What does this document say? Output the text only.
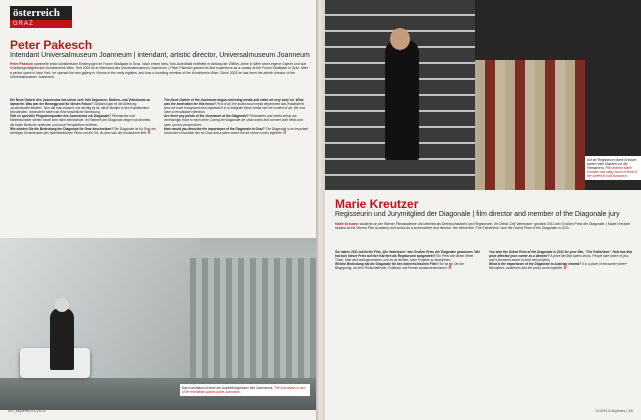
österreich
GRAZ
Peter Pakesch
Intendant Universalmuseum Joanneum | intendant, artistic director, Universalmuseum Joanneum
Peter Pakesch sammelte erste künstlerische Erfahrungen im Forum Stadtpark in Graz. Nach einem New-York-Aufenthalt eröffnete er Anfang der 1980er-Jahre in Wien seine eigene Galerie und war Gründungsmitglied des Kunstvereins Wien. Seit 2003 ist er Intendant des Universalmuseums Joanneum. | Peter Pakesch gained his first experience as a curator at the Forum Stadtpark in Graz. After a period spent in New York, he opened his own gallery in Vienna in the early eighties, and was a founding member of the Kunstverein Wien. Since 2003 he has been the artistic director of the Universalmuseum Joanneum.
Die Neue Galerie des Joanneums hat schon sehr früh begonnen, Medien- und Videokunst zu sammeln. Was war der Beweggrund für diesen Fokus? Zunächst gab es die Abteilung „Audiovisuelle Medien“. Nun hat man erkannt, wie wichtig es ist, diese Medien in den Kunstkontext einzubinden. Inzwischen haben wir eine beachtliche Sammlung.
Gibt es spezielle Programmpunkte des Joanneums zur Diagonale? Filmmacher und Medienkünstler stehen heute sehr nahe beieinander. Im Rahmen der Diagonale zeigen wir Arbeiten, die beide Bereiche verbinden und neue Perspektiven eröffnen.
Wie würden Sie die Bedeutung der Diagonale für Graz beschreiben? Die Diagonale ist für Graz ein wichtiges Schaufenster des österreichischen Films und ein Ort, an dem sich die Kunstszene trifft. //
The Neue Galerie of the Joanneum began collecting media and video art very early on. What was the motivation for this focus? First of all, the audiovisual media department was established. Now we have recognized how important it is to integrate these media into the context of art. We now have a remarkable collection.
Are there any points of the Joanneum at the Diagonale? Filmmakers and media artists are increasingly close to each other. During the Diagonale we show works that connect both fields and open up new perspectives.
How would you describe the importance of the Diagonale to Graz? The Diagonale is an important showcase of Austrian film for Graz and a place where the art scene comes together. //
Das Kunsthaus ist einer der Ausstellungsräume des Joanneums. The Kunsthaus is one of the exhibition spaces at the Joanneum.
58 | skylines 01/2013
Auf die Regisseurin Marie Kreutzer warten viele Standen vor der Filmkamera. Film director Marie Kreutzer has many hours in front of the screen to look forward to.
Marie Kreutzer
Regisseurin und Jurymitglied der Diagonale | film director and member of the Diagonale jury
Marie Kreutzer studierte an der Wiener Filmakademie und arbeitet als Drehbuchautorin und Regisseurin. Ihr Debüt „Die Vaterlosen“ gewann 2011 den Großen Preis der Diagonale. | Marie Kreutzer studied at the Vienna Film Academy and works as a screenwriter and director. Her debut film “The Fatherless” won the Grand Prize of the Diagonale in 2011.
Sie haben 2011 mit Ihrem Film „Die Vaterlosen“ den Großen Preis der Diagonale gewonnen. Wie hat sich dieser Preis auf Ihre Karriere als Regisseurin ausgewirkt? Ein Preis wie dieser öffnet Türen. Man wird wahrgenommen, und es ist leichter, neue Projekte zu finanzieren.
Welche Bedeutung hat die Diagonale für den österreichischen Film? Sie ist ein Ort der Begegnung, an dem Filmschaffende, Publikum und Presse zusammenkommen. //
You won the Grand Prize of the Diagonale in 2011 for your film, “The Fatherless”. How has this prize affected your career as a director? A prize like that opens doors. People take notice of you, and it becomes easier to fund new projects.
What is the importance of the Diagonale to Austrian cinema? It is a place of encounter where filmmakers, audiences and the press come together. //
01/2013 skylines | 59
